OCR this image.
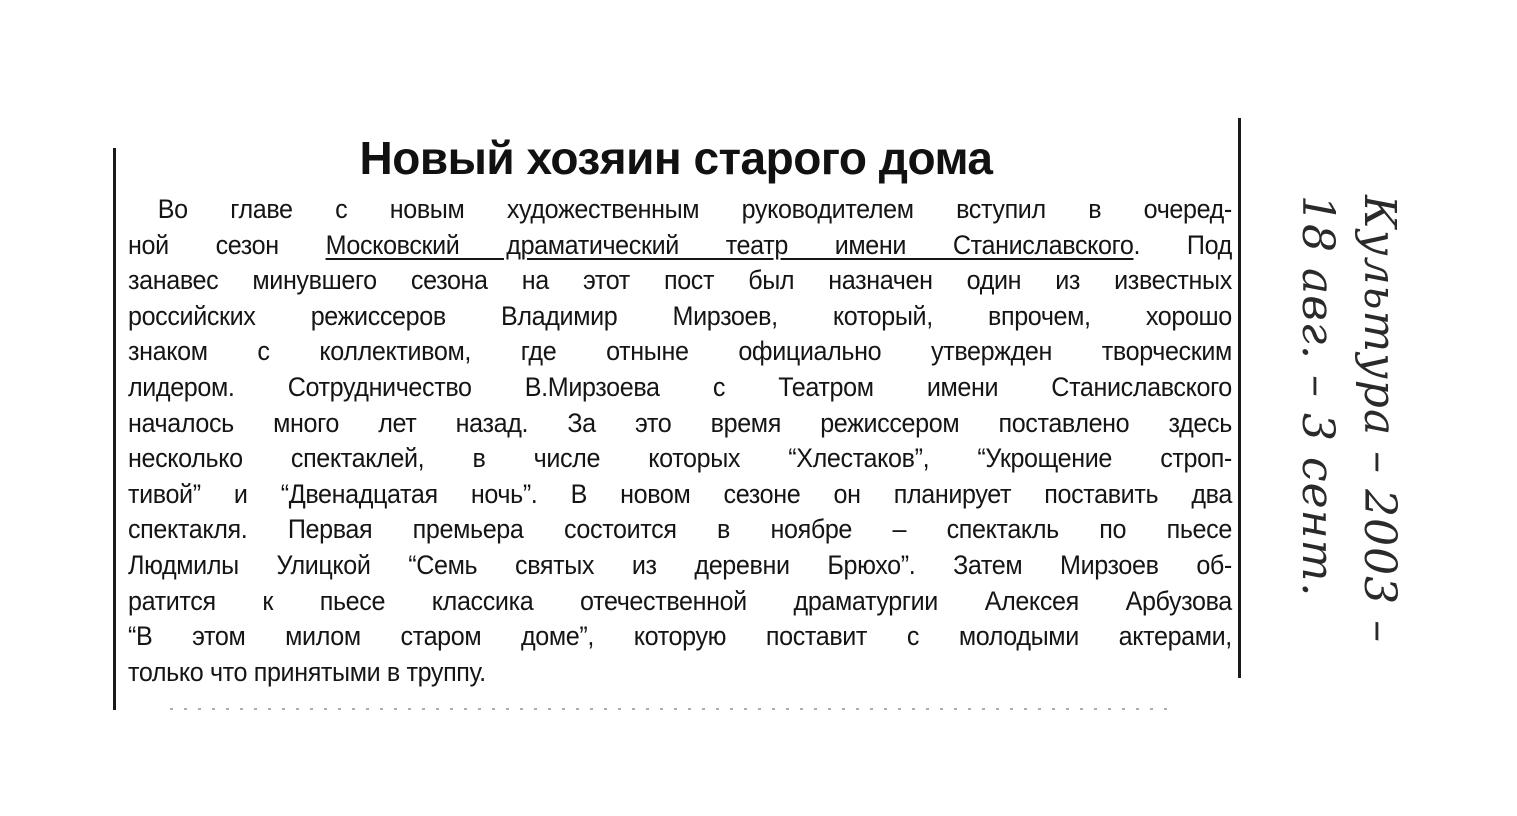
Новый хозяин старого дома
Во главе с новым художественным руководителем вступил в очеред-
ной сезон Московский драматический театр имени Станиславского. Под
занавес минувшего сезона на этот пост был назначен один из известных
российских режиссеров Владимир Мирзоев, который, впрочем, хорошо
знаком с коллективом, где отныне официально утвержден творческим
лидером. Сотрудничество В.Мирзоева с Театром имени Станиславского
началось много лет назад. За это время режиссером поставлено здесь
несколько спектаклей, в числе которых “Хлестаков”, “Укрощение строп-
тивой” и “Двенадцатая ночь”. В новом сезоне он планирует поставить два
спектакля. Первая премьера состоится в ноябре – спектакль по пьесе
Людмилы Улицкой “Семь святых из деревни Брюхо”. Затем Мирзоев об-
ратится к пьесе классика отечественной драматургии Алексея Арбузова
“В этом милом старом доме”, которую поставит с молодыми актерами,
только что принятыми в труппу.
Культура – 2003 –
18 авг. – 3 сент.
